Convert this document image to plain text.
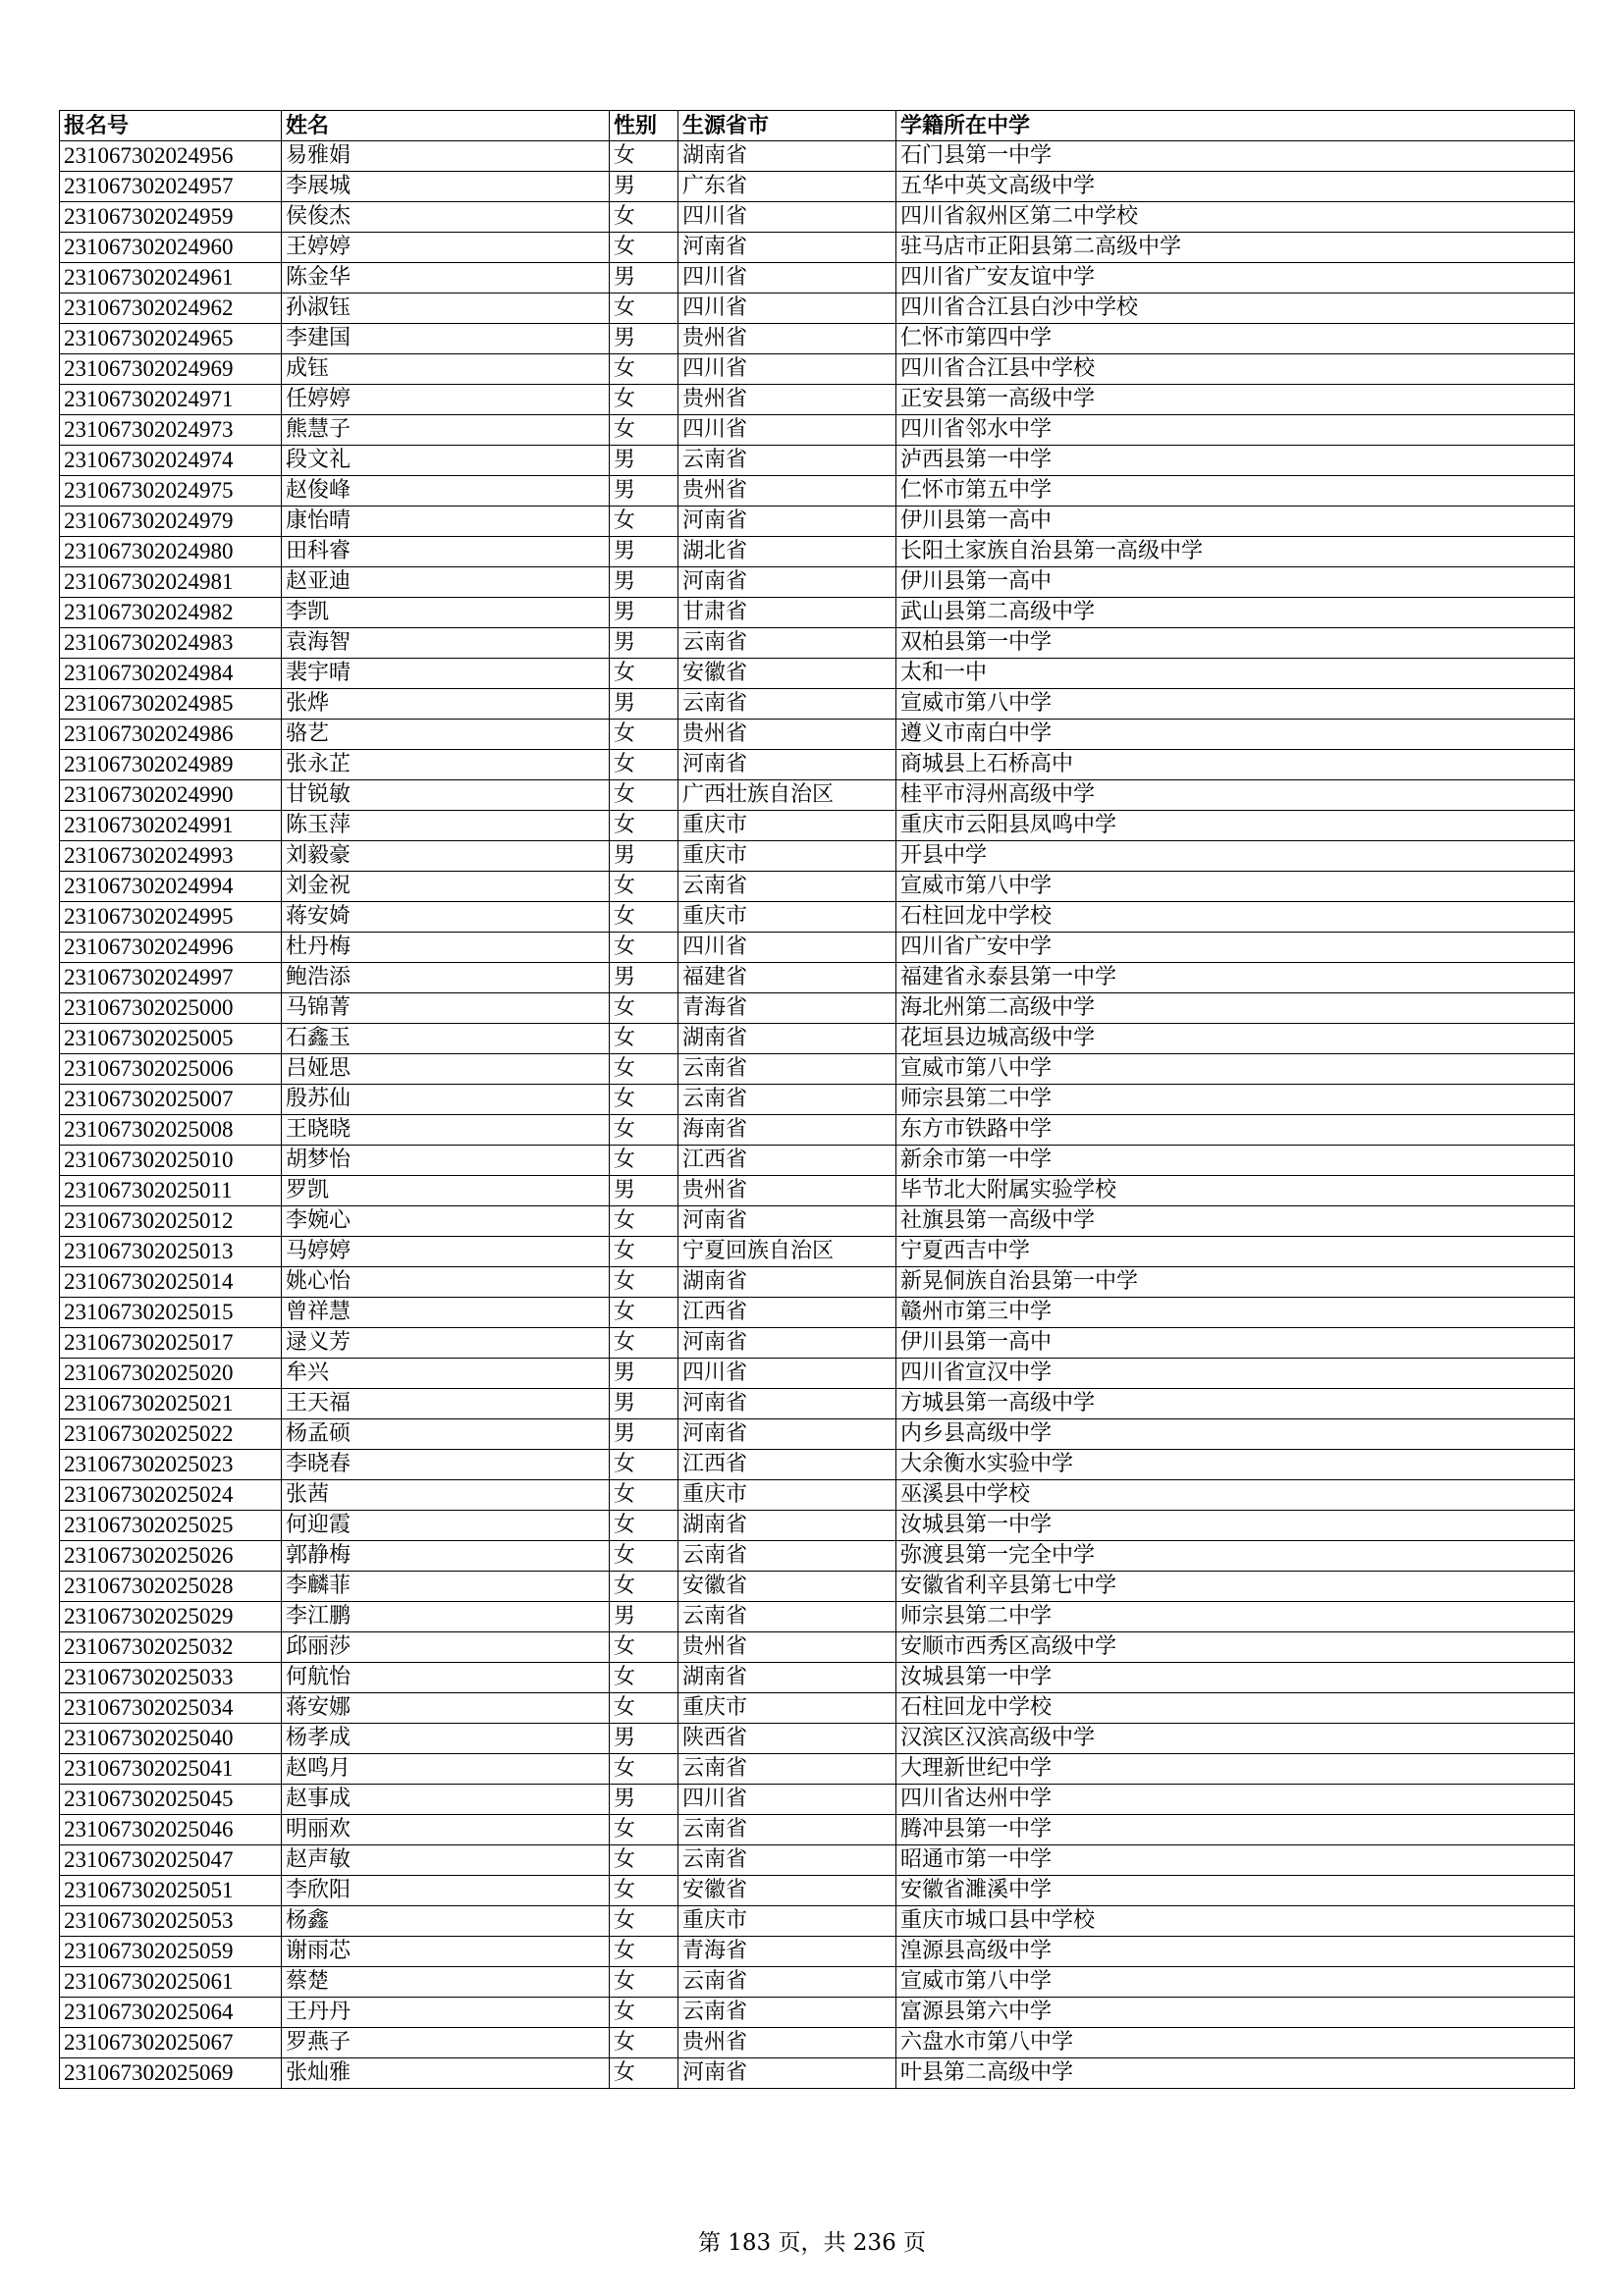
报名号	姓名	性别	生源省市	学籍所在中学
231067302024956	易雅娟	女	湖南省	石门县第一中学
231067302024957	李展城	男	广东省	五华中英文高级中学
231067302024959	侯俊杰	女	四川省	四川省叙州区第二中学校
231067302024960	王婷婷	女	河南省	驻马店市正阳县第二高级中学
231067302024961	陈金华	男	四川省	四川省广安友谊中学
231067302024962	孙淑钰	女	四川省	四川省合江县白沙中学校
231067302024965	李建国	男	贵州省	仁怀市第四中学
231067302024969	成钰	女	四川省	四川省合江县中学校
231067302024971	任婷婷	女	贵州省	正安县第一高级中学
231067302024973	熊慧子	女	四川省	四川省邻水中学
231067302024974	段文礼	男	云南省	泸西县第一中学
231067302024975	赵俊峰	男	贵州省	仁怀市第五中学
231067302024979	康怡晴	女	河南省	伊川县第一高中
231067302024980	田科睿	男	湖北省	长阳土家族自治县第一高级中学
231067302024981	赵亚迪	男	河南省	伊川县第一高中
231067302024982	李凯	男	甘肃省	武山县第二高级中学
231067302024983	袁海智	男	云南省	双柏县第一中学
231067302024984	裴宇晴	女	安徽省	太和一中
231067302024985	张烨	男	云南省	宣威市第八中学
231067302024986	骆艺	女	贵州省	遵义市南白中学
231067302024989	张永芷	女	河南省	商城县上石桥高中
231067302024990	甘锐敏	女	广西壮族自治区	桂平市浔州高级中学
231067302024991	陈玉萍	女	重庆市	重庆市云阳县凤鸣中学
231067302024993	刘毅豪	男	重庆市	开县中学
231067302024994	刘金祝	女	云南省	宣威市第八中学
231067302024995	蒋安婍	女	重庆市	石柱回龙中学校
231067302024996	杜丹梅	女	四川省	四川省广安中学
231067302024997	鲍浩添	男	福建省	福建省永泰县第一中学
231067302025000	马锦菁	女	青海省	海北州第二高级中学
231067302025005	石鑫玉	女	湖南省	花垣县边城高级中学
231067302025006	吕娅思	女	云南省	宣威市第八中学
231067302025007	殷苏仙	女	云南省	师宗县第二中学
231067302025008	王晓晓	女	海南省	东方市铁路中学
231067302025010	胡梦怡	女	江西省	新余市第一中学
231067302025011	罗凯	男	贵州省	毕节北大附属实验学校
231067302025012	李婉心	女	河南省	社旗县第一高级中学
231067302025013	马婷婷	女	宁夏回族自治区	宁夏西吉中学
231067302025014	姚心怡	女	湖南省	新晃侗族自治县第一中学
231067302025015	曾祥慧	女	江西省	赣州市第三中学
231067302025017	逯义芳	女	河南省	伊川县第一高中
231067302025020	牟兴	男	四川省	四川省宣汉中学
231067302025021	王天福	男	河南省	方城县第一高级中学
231067302025022	杨孟硕	男	河南省	内乡县高级中学
231067302025023	李晓春	女	江西省	大余衡水实验中学
231067302025024	张茜	女	重庆市	巫溪县中学校
231067302025025	何迎霞	女	湖南省	汝城县第一中学
231067302025026	郭静梅	女	云南省	弥渡县第一完全中学
231067302025028	李麟菲	女	安徽省	安徽省利辛县第七中学
231067302025029	李江鹏	男	云南省	师宗县第二中学
231067302025032	邱丽莎	女	贵州省	安顺市西秀区高级中学
231067302025033	何航怡	女	湖南省	汝城县第一中学
231067302025034	蒋安娜	女	重庆市	石柱回龙中学校
231067302025040	杨孝成	男	陕西省	汉滨区汉滨高级中学
231067302025041	赵鸣月	女	云南省	大理新世纪中学
231067302025045	赵事成	男	四川省	四川省达州中学
231067302025046	明丽欢	女	云南省	腾冲县第一中学
231067302025047	赵声敏	女	云南省	昭通市第一中学
231067302025051	李欣阳	女	安徽省	安徽省濉溪中学
231067302025053	杨鑫	女	重庆市	重庆市城口县中学校
231067302025059	谢雨芯	女	青海省	湟源县高级中学
231067302025061	蔡楚	女	云南省	宣威市第八中学
231067302025064	王丹丹	女	云南省	富源县第六中学
231067302025067	罗燕子	女	贵州省	六盘水市第八中学
231067302025069	张灿雅	女	河南省	叶县第二高级中学
第 183 页，共 236 页
